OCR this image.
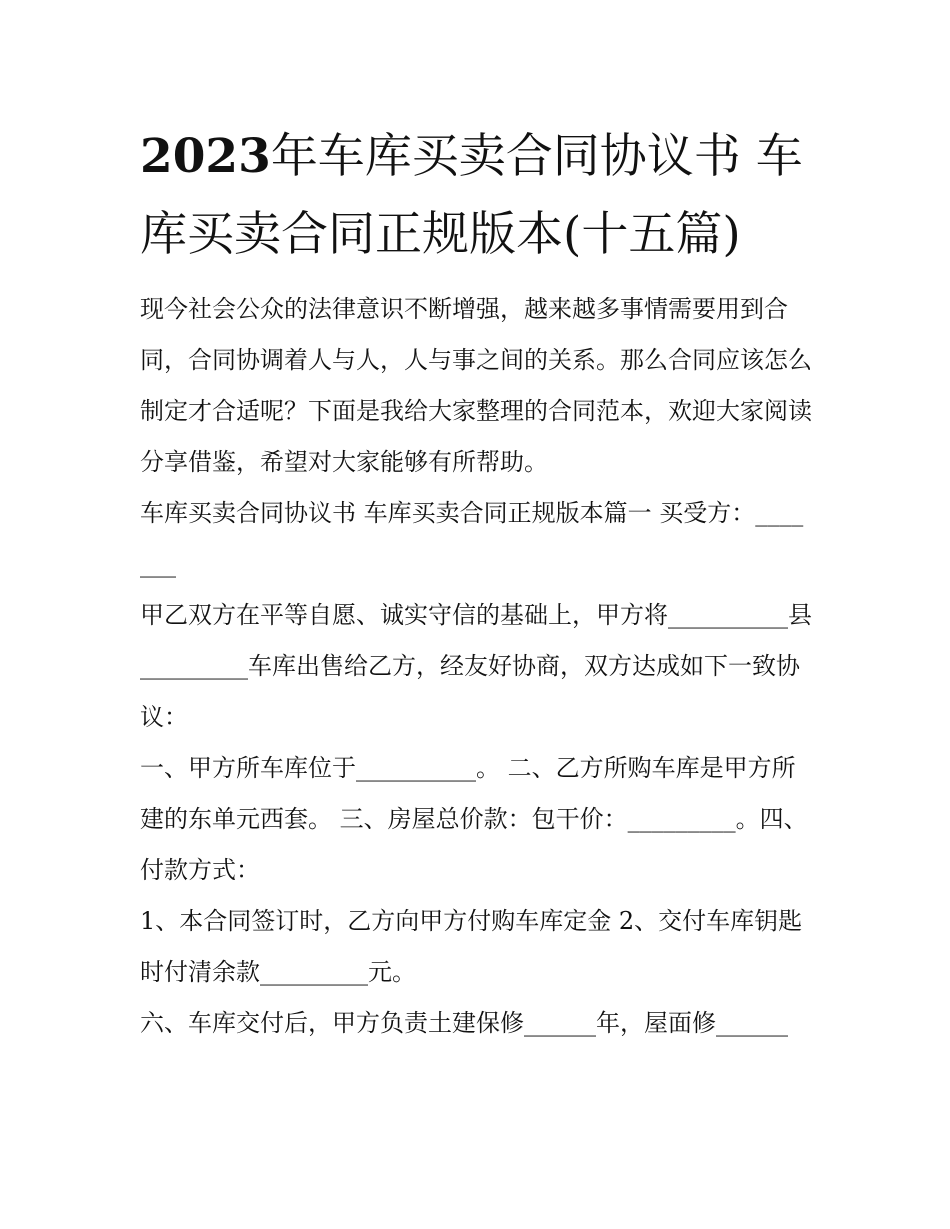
2023年车库买卖合同协议书 车库买卖合同正规版本(十五篇)

现今社会公众的法律意识不断增强，越来越多事情需要用到合同，合同协调着人与人，人与事之间的关系。那么合同应该怎么制定才合适呢？下面是我给大家整理的合同范本，欢迎大家阅读分享借鉴，希望对大家能够有所帮助。

车库买卖合同协议书 车库买卖合同正规版本篇一 买受方：_______

甲乙双方在平等自愿、诚实守信的基础上，甲方将__________县_________车库出售给乙方，经友好协商，双方达成如下一致协议：

一、甲方所车库位于__________。 二、乙方所购车库是甲方所建的东单元西套。 三、房屋总价款：包干价：_________。四、付款方式：

1、本合同签订时，乙方向甲方付购车库定金 2、交付车库钥匙时付清余款_________元。

六、车库交付后，甲方负责土建保修______年，屋面修______
